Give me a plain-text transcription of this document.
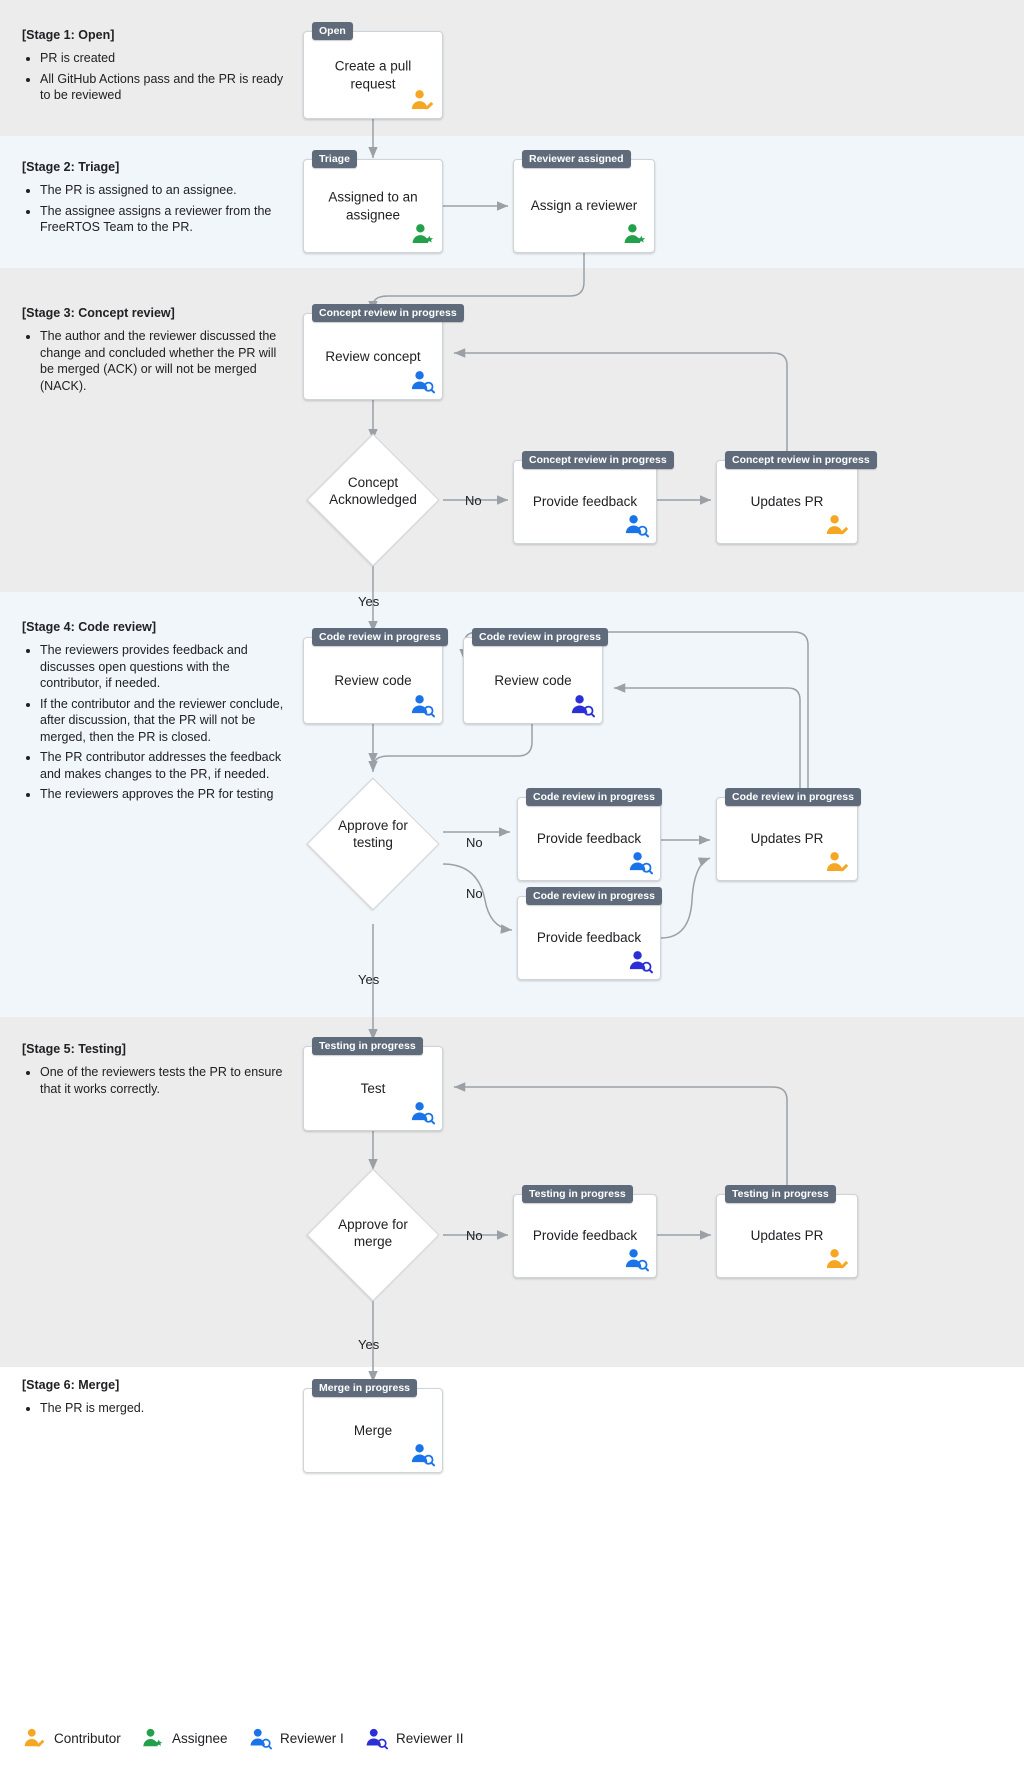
[Stage 1: Open]
• PR is created
• All GitHub Actions pass and the PR is ready to be reviewed
[Stage 2: Triage]
• The PR is assigned to an assignee.
• The assignee assigns a reviewer from the FreeRTOS Team to the PR.
[Stage 3: Concept review]
• The author and the reviewer discussed the change and concluded whether the PR will be merged (ACK) or will not be merged (NACK).
[Stage 4: Code review]
• The reviewers provides feedback and discusses open questions with the contributor, if needed.
• If the contributor and the reviewer conclude, after discussion, that the PR will not be merged, then the PR is closed.
• The PR contributor addresses the feedback and makes changes to the PR, if needed.
• The reviewers approves the PR for testing
[Stage 5: Testing]
• One of the reviewers tests the PR to ensure that it works correctly.
[Stage 6: Merge]
• The PR is merged.
Open
Create a pull request
Triage
Assigned to an assignee
Reviewer assigned
Assign a reviewer
Concept review in progress
Review concept
Concept review in progress
Provide feedback
Concept review in progress
Updates PR
Code review in progress
Review code
Code review in progress
Review code
Code review in progress
Provide feedback
Code review in progress
Provide feedback
Code review in progress
Updates PR
Testing in progress
Test
Testing in progress
Provide feedback
Testing in progress
Updates PR
Merge in progress
Merge
Concept Acknowledged
Approve for testing
Approve for merge
No
Yes
No
No
Yes
No
Yes
Contributor	Assignee	Reviewer I	Reviewer II
